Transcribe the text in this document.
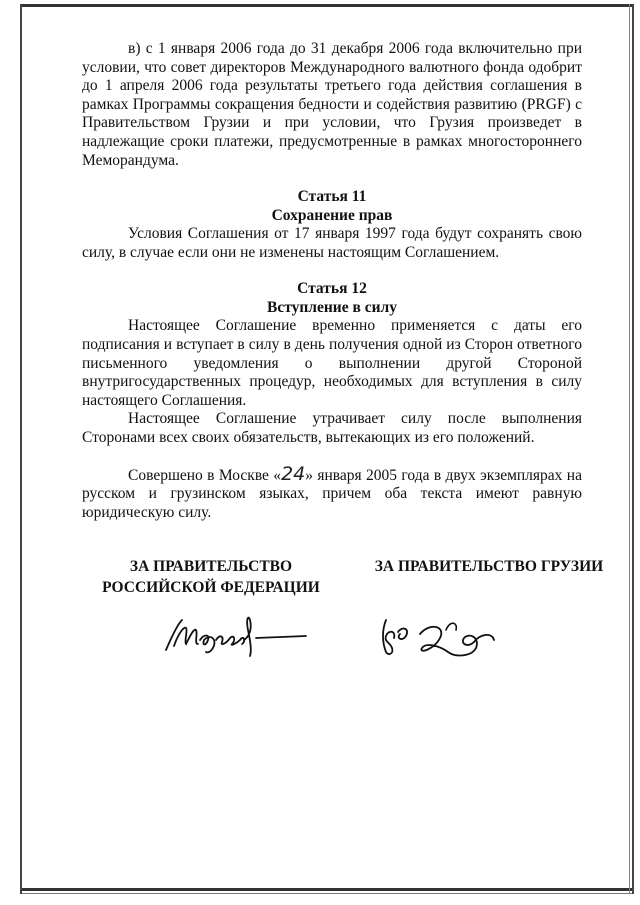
в) с 1 января 2006 года до 31 декабря 2006 года включительно при условии, что совет директоров Международного валютного фонда одобрит до 1 апреля 2006 года результаты третьего года действия соглашения в рамках Программы сокращения бедности и содействия развитию (PRGF) с Правительством Грузии и при условии, что Грузия произведет в надлежащие сроки платежи, предусмотренные в рамках многостороннего Меморандума.

Статья 11

Сохранение прав

Условия Соглашения от 17 января 1997 года будут сохранять свою силу, в случае если они не изменены настоящим Соглашением.

Статья 12

Вступление в силу

Настоящее Соглашение временно применяется с даты его подписания и вступает в силу в день получения одной из Сторон ответного письменного уведомления о выполнении другой Стороной внутригосударственных процедур, необходимых для вступления в силу настоящего Соглашения.

Настоящее Соглашение утрачивает силу после выполнения Сторонами всех своих обязательств, вытекающих из его положений.

Совершено в Москве «24» января 2005 года в двух экземплярах на русском и грузинском языках, причем оба текста имеют равную юридическую силу.

ЗА ПРАВИТЕЛЬСТВО
РОССИЙСКОЙ ФЕДЕРАЦИИ
ЗА ПРАВИТЕЛЬСТВО ГРУЗИИ
